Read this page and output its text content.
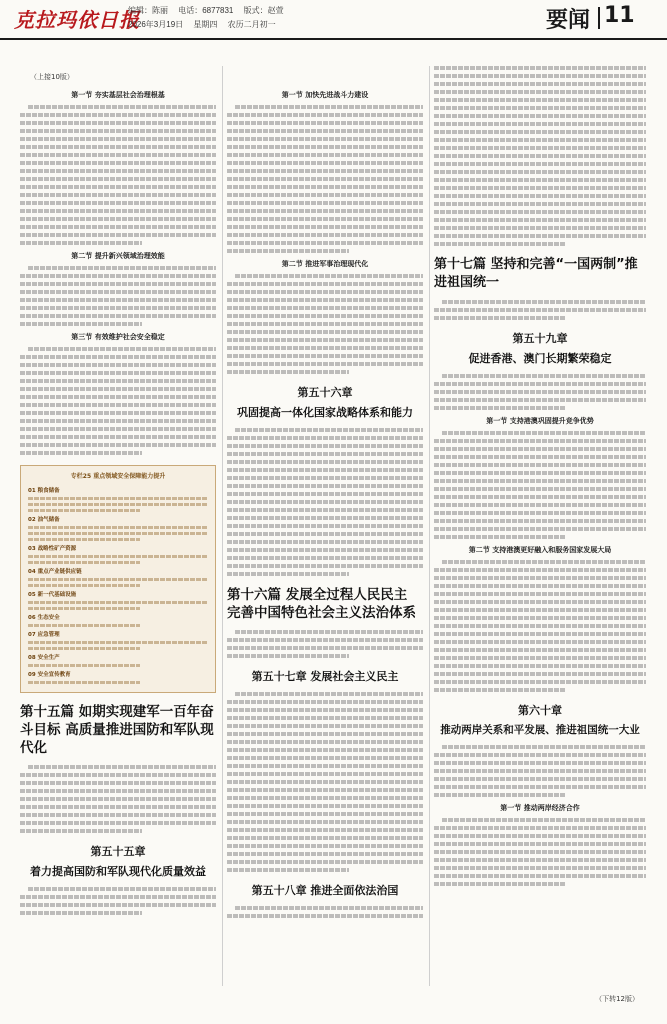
克拉玛依日报
编辑：陈丽 电话：6877831 版式：赵萱
2026年3月19日 星期四 农历二月初一	要闻 11
（上接10版）
第一节 夯实基层社会治理根基
第二节 提升新兴领域治理效能
第三节 有效维护社会安全稳定
专栏25 重点领域安全保障能力提升
01 粮食储备
02 油气储备
03 战略性矿产资源
04 重点产业链供应链
05 新一代基础设施
06 生态安全
07 应急管理
08 安全生产
09 安全宣传教育
第十五篇 如期实现建军一百年奋斗目标 高质量推进国防和军队现代化
第五十五章
着力提高国防和军队现代化质量效益
第一节 加快先进战斗力建设
第二节 推进军事治理现代化
第五十六章
巩固提高一体化国家战略体系和能力
第十六篇 发展全过程人民民主 完善中国特色社会主义法治体系
第五十七章 发展社会主义民主
第五十八章 推进全面依法治国
第十七篇 坚持和完善“一国两制”推进祖国统一
第五十九章
促进香港、澳门长期繁荣稳定
第一节 支持港澳巩固提升竞争优势
第二节 支持港澳更好融入和服务国家发展大局
第六十章
推动两岸关系和平发展、推进祖国统一大业
第一节 推动两岸经济合作
（下转12版）
